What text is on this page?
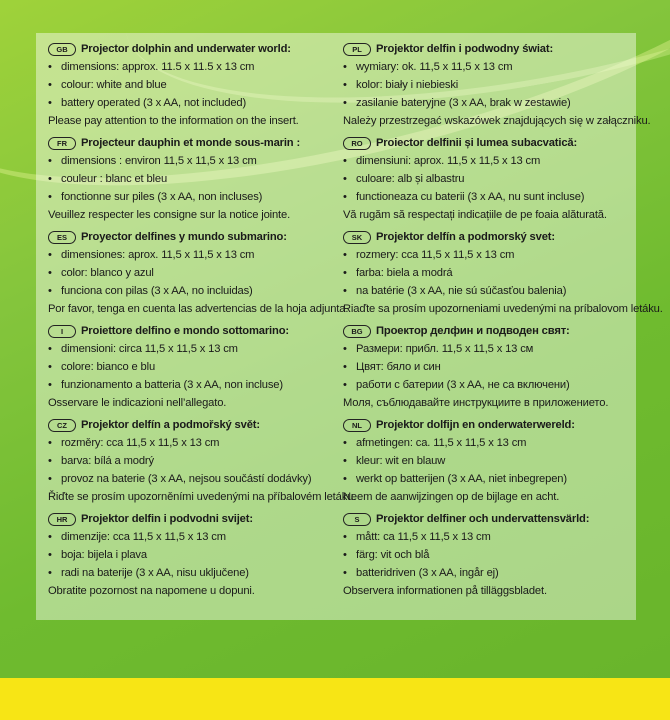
GB	Projector dolphin and underwater world:
• dimensions: approx. 11.5 x 11.5 x 13 cm
• colour: white and blue
• battery operated (3 x AA, not included)
Please pay attention to the information on the insert.
FR	Projecteur dauphin et monde sous-marin :
• dimensions : environ 11,5 x 11,5 x 13 cm
• couleur : blanc et bleu
• fonctionne sur piles (3 x AA, non incluses)
Veuillez respecter les consigne sur la notice jointe.
ES	Proyector delfines y mundo submarino:
• dimensiones: aprox. 11,5 x 11,5 x 13 cm
• color: blanco y azul
• funciona con pilas (3 x AA, no incluidas)
Por favor, tenga en cuenta las advertencias de la hoja adjunta.
I	Proiettore delfino e mondo sottomarino:
• dimensioni: circa 11,5 x 11,5 x 13 cm
• colore: bianco e blu
• funzionamento a batteria (3 x AA, non incluse)
Osservare le indicazioni nell’allegato.
CZ	Projektor delfín a podmořský svět:
• rozměry: cca 11,5 x 11,5 x 13 cm
• barva: bílá a modrý
• provoz na baterie (3 x AA, nejsou součástí dodávky)
Řiďte se prosím upozorněními uvedenými na příbalovém letáku.
HR	Projektor delfin i podvodni svijet:
• dimenzije: cca 11,5 x 11,5 x 13 cm
• boja: bijela i plava
• radi na baterije (3 x AA, nisu uključene)
Obratite pozornost na napomene u dopuni.
PL	Projektor delfin i podwodny świat:
• wymiary: ok. 11,5 x 11,5 x 13 cm
• kolor: biały i niebieski
• zasilanie bateryjne (3 x AA, brak w zestawie)
Należy przestrzegać wskazówek znajdujących się w załączniku.
RO	Proiector delfinii și lumea subacvatică:
• dimensiuni: aprox. 11,5 x 11,5 x 13 cm
• culoare: alb și albastru
• functioneaza cu baterii (3 x AA, nu sunt incluse)
Vă rugăm să respectați indicațiile de pe foaia alăturată.
SK	Projektor delfín a podmorský svet:
• rozmery: cca 11,5 x 11,5 x 13 cm
• farba: biela a modrá
• na batérie (3 x AA, nie sú súčasťou balenia)
Riaďte sa prosím upozorneniami uvedenými na príbalovom letáku.
BG	Проектор делфин и подводен свят:
• Размери: прибл. 11,5 x 11,5 x 13 см
• Цвят: бяло и син
• работи с батерии (3 x AA, не са включени)
Моля, съблюдавайте инструкциите в приложението.
NL	Projektor dolfijn en onderwaterwereld:
• afmetingen: ca. 11,5 x 11,5 x 13 cm
• kleur: wit en blauw
• werkt op batterijen (3 x AA, niet inbegrepen)
Neem de aanwijzingen op de bijlage en acht.
S	Projektor delfiner och undervattensvärld:
• mått: ca 11,5 x 11,5 x 13 cm
• färg: vit och blå
• batteridriven (3 x AA, ingår ej)
Observera informationen på tilläggsbladet.
